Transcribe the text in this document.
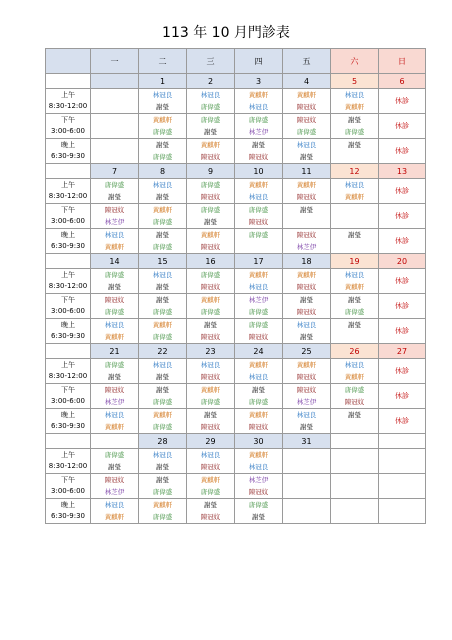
113 年 10 月門診表
	一	二	三	四	五	六	日
		1	2	3	4	5	6

上午
8:30-12:00		林冠良	林冠良	黃麒軒	黃麒軒	林冠良	休診
		謝瑩	唐偉盛	林冠良	陳冠妏	黃麒軒	

下午
3:00-6:00		黃麒軒	唐偉盛	唐偉盛	陳冠妏	謝瑩	休診
		唐偉盛	謝瑩	林芝伊	唐偉盛	唐偉盛	

晚上
6:30-9:30		謝瑩	黃麒軒	謝瑩	林冠良	謝瑩	休診
		唐偉盛	陳冠妏	陳冠妏	謝瑩		
	7	8	9	10	11	12	13

上午
8:30-12:00	唐偉盛	林冠良	唐偉盛	黃麒軒	黃麒軒	林冠良	休診
	謝瑩	謝瑩	陳冠妏	林冠良	陳冠妏	黃麒軒	

下午
3:00-6:00	陳冠妏	黃麒軒	唐偉盛	唐偉盛	謝瑩		休診
	林芝伊	唐偉盛	謝瑩	陳冠妏			

晚上
6:30-9:30	林冠良	謝瑩	黃麒軒	唐偉盛	陳冠妏	謝瑩	休診
	黃麒軒	唐偉盛	陳冠妏		林芝伊		
	14	15	16	17	18	19	20

上午
8:30-12:00	唐偉盛	林冠良	唐偉盛	黃麒軒	黃麒軒	林冠良	休診
	謝瑩	謝瑩	陳冠妏	林冠良	陳冠妏	黃麒軒	

下午
3:00-6:00	陳冠妏	謝瑩	黃麒軒	林芝伊	謝瑩	謝瑩	休診
	唐偉盛	唐偉盛	唐偉盛	唐偉盛	陳冠妏	唐偉盛	

晚上
6:30-9:30	林冠良	黃麒軒	謝瑩	唐偉盛	林冠良	謝瑩	休診
	黃麒軒	唐偉盛	陳冠妏	陳冠妏	謝瑩		
	21	22	23	24	25	26	27

上午
8:30-12:00	唐偉盛	林冠良	林冠良	黃麒軒	黃麒軒	林冠良	休診
	謝瑩	謝瑩	陳冠妏	林冠良	陳冠妏	黃麒軒	

下午
3:00-6:00	陳冠妏	謝瑩	黃麒軒	謝瑩	陳冠妏	唐偉盛	休診
	林芝伊	唐偉盛	唐偉盛	唐偉盛	林芝伊	陳冠妏	

晚上
6:30-9:30	林冠良	黃麒軒	謝瑩	黃麒軒	林冠良	謝瑩	休診
	黃麒軒	唐偉盛	陳冠妏	陳冠妏	謝瑩		
		28	29	30	31		

上午
8:30-12:00	唐偉盛	林冠良	林冠良	黃麒軒			
	謝瑩	謝瑩	陳冠妏	林冠良			

下午
3:00-6:00	陳冠妏	謝瑩	黃麒軒	林芝伊			
	林芝伊	唐偉盛	唐偉盛	陳冠妏			

晚上
6:30-9:30	林冠良	黃麒軒	謝瑩	唐偉盛			
	黃麒軒	唐偉盛	陳冠妏	謝瑩			
